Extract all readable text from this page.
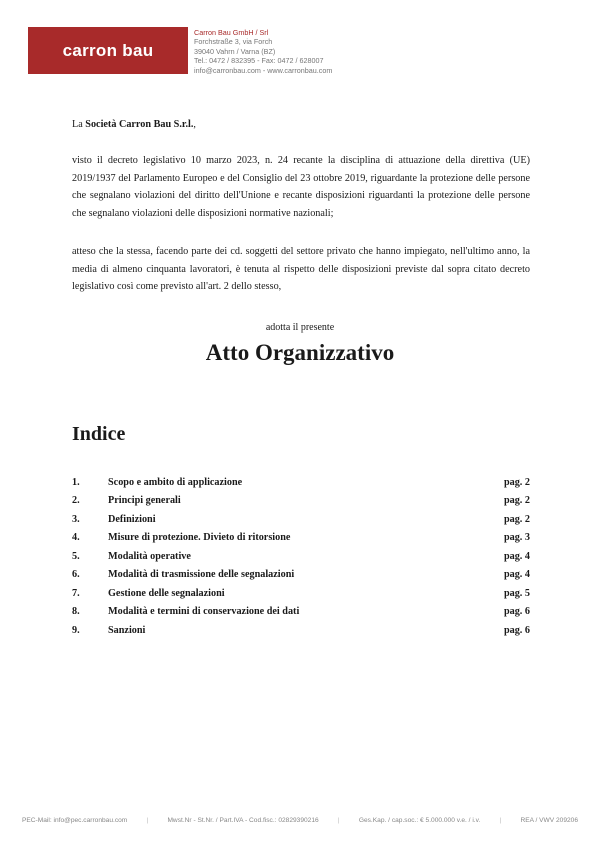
carron bau
Carron Bau GmbH / Srl
Forchstraße 3, via Forch
39040 Vahrn / Varna (BZ)
Tel.: 0472 / 832395 - Fax: 0472 / 628007
info@carronbau.com - www.carronbau.com
La Società Carron Bau S.r.l.,

visto il decreto legislativo 10 marzo 2023, n. 24 recante la disciplina di attuazione della direttiva (UE) 2019/1937 del Parlamento Europeo e del Consiglio del 23 ottobre 2019, riguardante la protezione delle persone che segnalano violazioni del diritto dell'Unione e recante disposizioni riguardanti la protezione delle persone che segnalano violazioni delle disposizioni normative nazionali;

atteso che la stessa, facendo parte dei cd. soggetti del settore privato che hanno impiegato, nell'ultimo anno, la media di almeno cinquanta lavoratori, è tenuta al rispetto delle disposizioni previste dal sopra citato decreto legislativo così come previsto all'art. 2 dello stesso,

adotta il presente
Atto Organizzativo
Indice
1.	Scopo e ambito di applicazione	pag. 2
2.	Principi generali	pag. 2
3.	Definizioni	pag. 2
4.	Misure di protezione. Divieto di ritorsione	pag. 3
5.	Modalità operative	pag. 4
6.	Modalità di trasmissione delle segnalazioni	pag. 4
7.	Gestione delle segnalazioni	pag. 5
8.	Modalità e termini di conservazione dei dati	pag. 6
9.	Sanzioni	pag. 6
PEC-Mail: info@pec.carronbau.com	|	Mwst.Nr - St.Nr. / Part.IVA - Cod.fisc.: 02829390216	|	Ges.Kap. / cap.soc.: € 5.000.000 v.e. / i.v.	|	REA / VWV 209206
